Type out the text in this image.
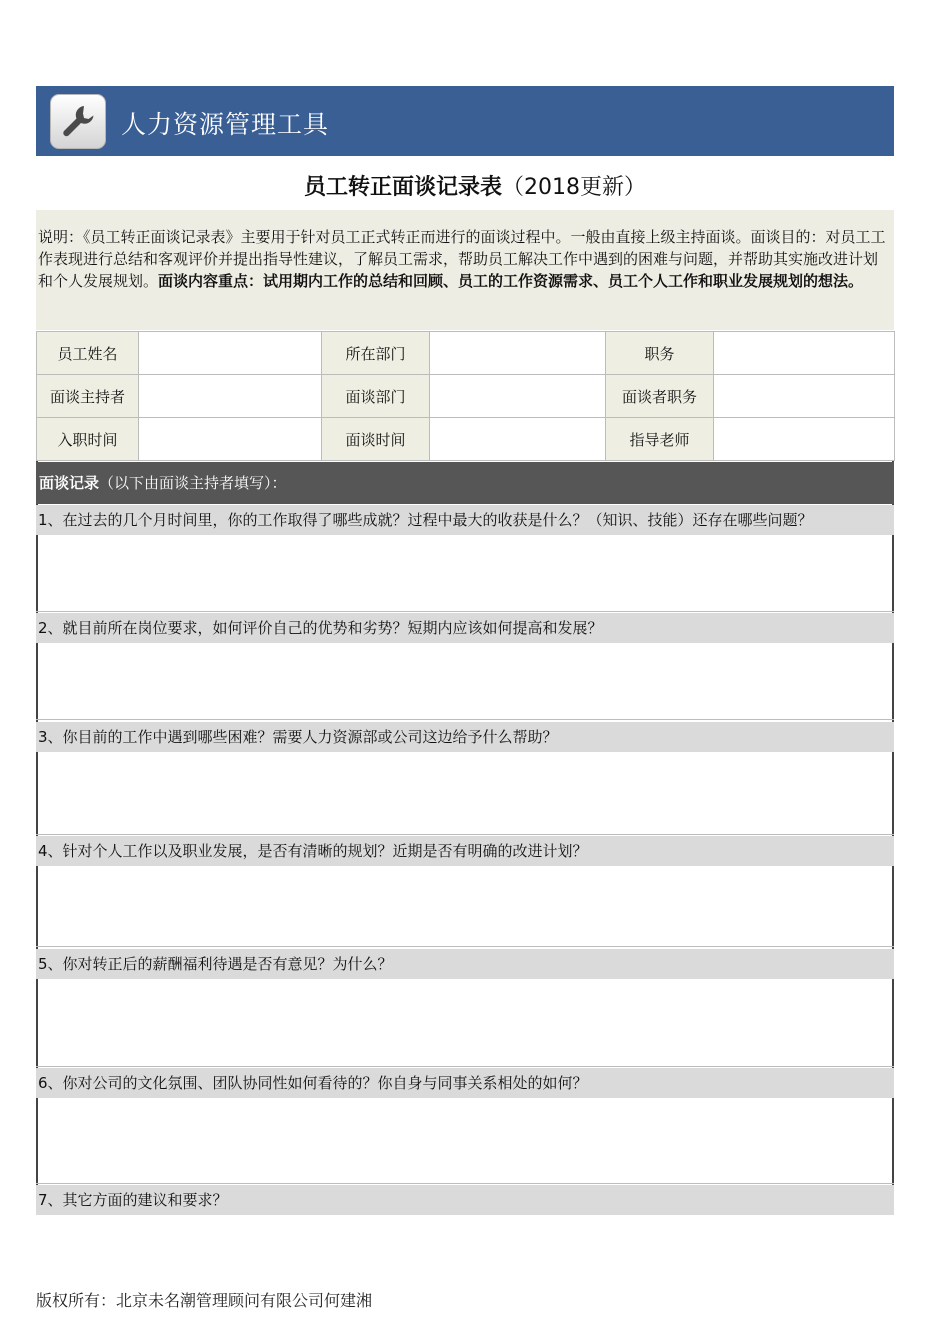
人力资源管理工具
员工转正面谈记录表（2018更新）
说明：《员工转正面谈记录表》主要用于针对员工正式转正而进行的面谈过程中。一般由直接上级主持面谈。面谈目的：对员工工作表现进行总结和客观评价并提出指导性建议，了解员工需求，帮助员工解决工作中遇到的困难与问题，并帮助其实施改进计划和个人发展规划。面谈内容重点：试用期内工作的总结和回顾、员工的工作资源需求、员工个人工作和职业发展规划的想法。
员工姓名		所在部门		职务	
面谈主持者		面谈部门		面谈者职务	
入职时间		面谈时间		指导老师	
面谈记录（以下由面谈主持者填写）：
1、在过去的几个月时间里，你的工作取得了哪些成就？过程中最大的收获是什么？（知识、技能）还存在哪些问题？
2、就目前所在岗位要求，如何评价自己的优势和劣势？短期内应该如何提高和发展？
3、你目前的工作中遇到哪些困难？需要人力资源部或公司这边给予什么帮助？
4、针对个人工作以及职业发展，是否有清晰的规划？近期是否有明确的改进计划？
5、你对转正后的薪酬福利待遇是否有意见？为什么？
6、你对公司的文化氛围、团队协同性如何看待的？你自身与同事关系相处的如何？
7、其它方面的建议和要求？
版权所有：北京未名潮管理顾问有限公司何建湘
